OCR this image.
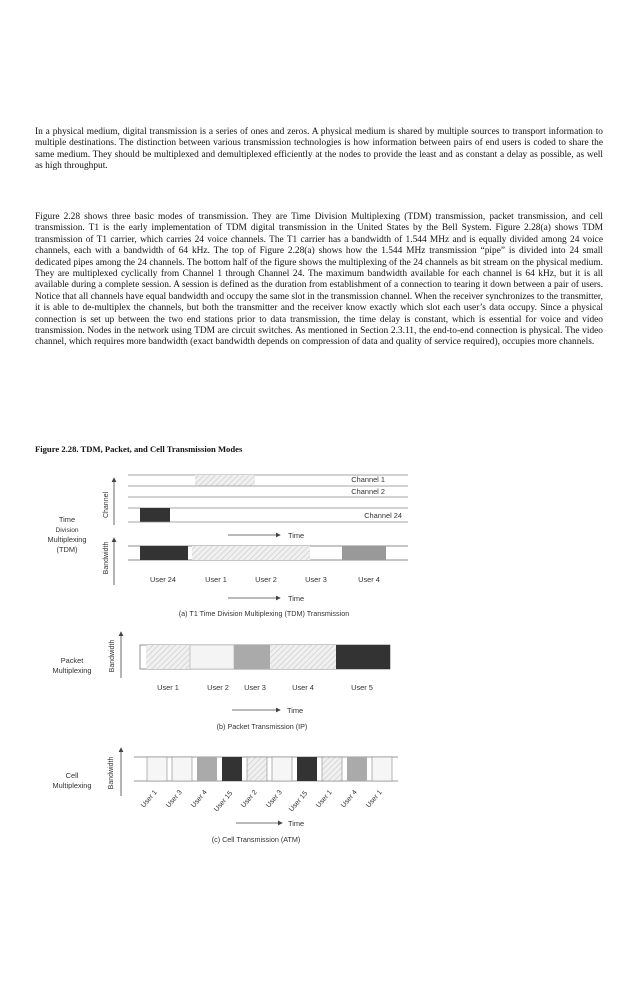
In a physical medium, digital transmission is a series of ones and zeros. A physical medium is shared by multiple sources to transport information to multiple destinations. The distinction between various transmission technologies is how information between pairs of end users is coded to share the same medium. They should be multiplexed and demultiplexed efficiently at the nodes to provide the least and as constant a delay as possible, as well as high throughput.

Figure 2.28 shows three basic modes of transmission. They are Time Division Multiplexing (TDM) transmission, packet transmission, and cell transmission. T1 is the early implementation of TDM digital transmission in the United States by the Bell System. Figure 2.28(a) shows TDM transmission of T1 carrier, which carries 24 voice channels. The T1 carrier has a bandwidth of 1.544 MHz and is equally divided among 24 voice channels, each with a bandwidth of 64 kHz. The top of Figure 2.28(a) shows how the 1.544 MHz transmission “pipe” is divided into 24 small dedicated pipes among the 24 channels. The bottom half of the figure shows the multiplexing of the 24 channels as bit stream on the physical medium. They are multiplexed cyclically from Channel 1 through Channel 24. The maximum bandwidth available for each channel is 64 kHz, but it is all available during a complete session. A session is defined as the duration from establishment of a connection to tearing it down between a pair of users. Notice that all channels have equal bandwidth and occupy the same slot in the transmission channel. When the receiver synchronizes to the transmitter, it is able to de-multiplex the channels, but both the transmitter and the receiver know exactly which slot each user’s data occupy. Since a physical connection is set up between the two end stations prior to data transmission, the time delay is constant, which is essential for voice and video transmission. Nodes in the network using TDM are circuit switches. As mentioned in Section 2.3.11, the end-to-end connection is physical. The video channel, which requires more bandwidth (exact bandwidth depends on compression of data and quality of service required), occupies more channels.

Figure 2.28. TDM, Packet, and Cell Transmission Modes

Time
Division
Multiplexing
(TDM)
Channel
Bandwidth
Channel 1
Channel 2
Channel 24
Time
User 24	User 1	User 2	User 3	User 4
Time
(a) T1 Time Division Multiplexing (TDM) Transmission
Packet
Multiplexing Bandwidth
User 1	User 2 User 3	User 4	User 5
Time
(b) Packet Transmission (IP)
Cell
Multiplexing Bandwidth
User 1 User 3 User 4 User 15 User 2 User 3 User 15 User 1 User 4 User 1
Time
(c) Cell Transmission (ATM)
